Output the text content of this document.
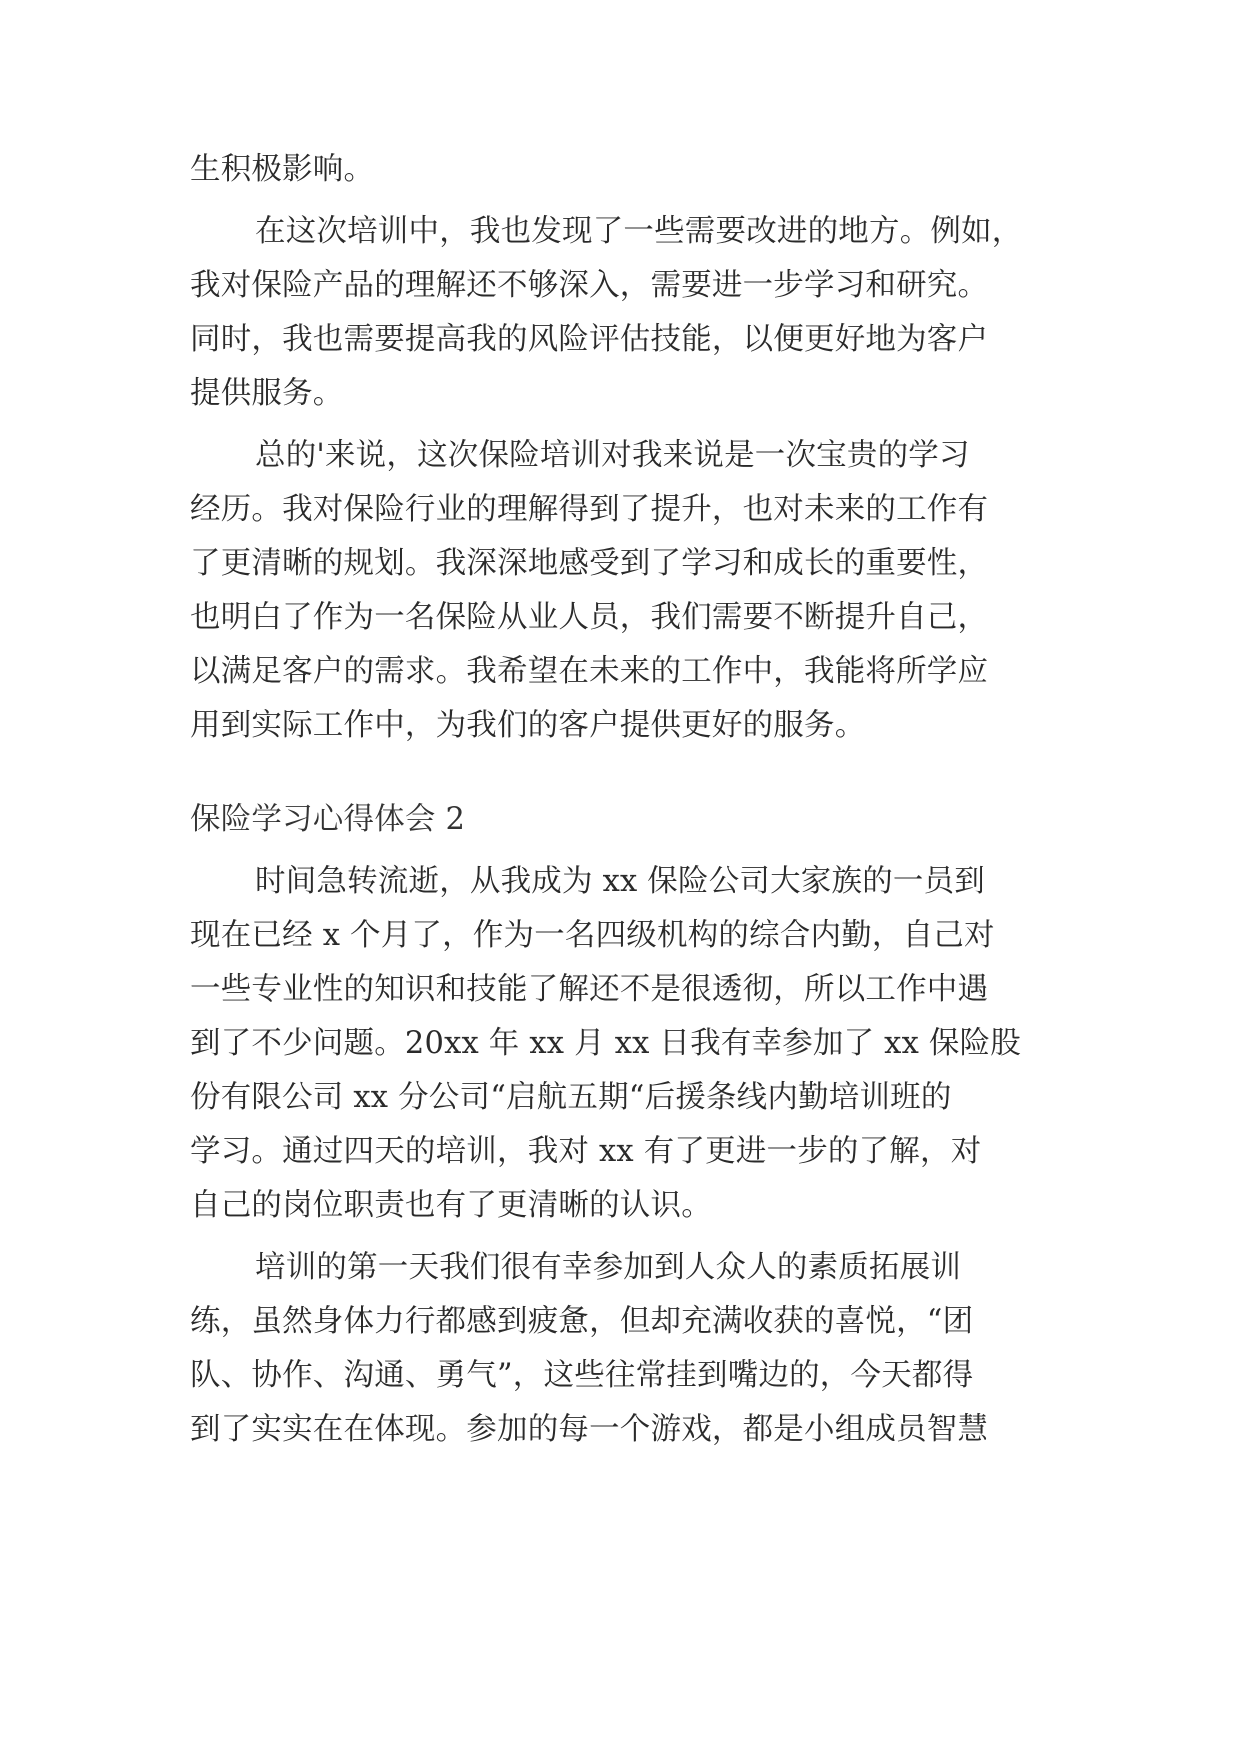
生积极影响。
在这次培训中，我也发现了一些需要改进的地方。例如，
我对保险产品的理解还不够深入，需要进一步学习和研究。
同时，我也需要提高我的风险评估技能，以便更好地为客户
提供服务。
总的'来说，这次保险培训对我来说是一次宝贵的学习
经历。我对保险行业的理解得到了提升，也对未来的工作有
了更清晰的规划。我深深地感受到了学习和成长的重要性，
也明白了作为一名保险从业人员，我们需要不断提升自己，
以满足客户的需求。我希望在未来的工作中，我能将所学应
用到实际工作中，为我们的客户提供更好的服务。
保险学习心得体会 2
时间急转流逝，从我成为 xx 保险公司大家族的一员到
现在已经 x 个月了，作为一名四级机构的综合内勤，自己对
一些专业性的知识和技能了解还不是很透彻，所以工作中遇
到了不少问题。20xx 年 xx 月 xx 日我有幸参加了 xx 保险股
份有限公司 xx 分公司“启航五期“后援条线内勤培训班的
学习。通过四天的培训，我对 xx 有了更进一步的了解，对
自己的岗位职责也有了更清晰的认识。
培训的第一天我们很有幸参加到人众人的素质拓展训
练，虽然身体力行都感到疲惫，但却充满收获的喜悦，“团
队、协作、沟通、勇气”，这些往常挂到嘴边的，今天都得
到了实实在在体现。参加的每一个游戏，都是小组成员智慧
